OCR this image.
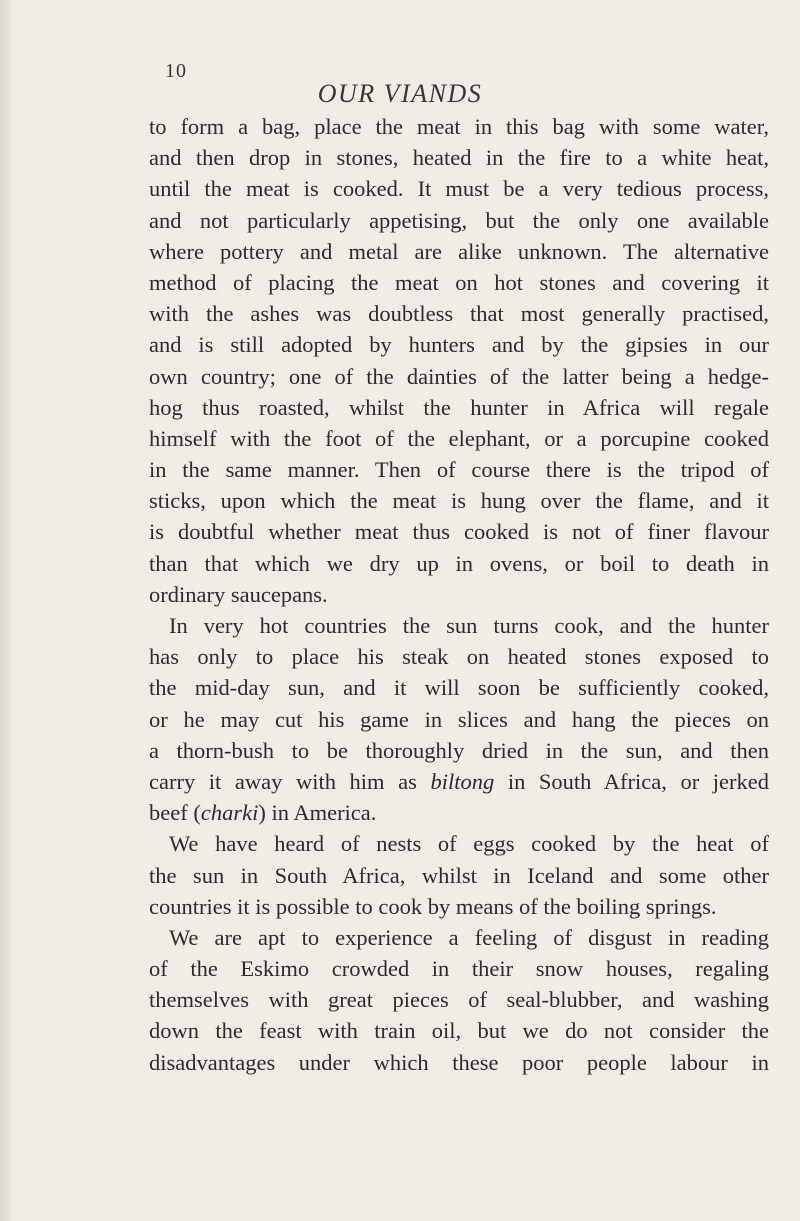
10
OUR VIANDS
to form a bag, place the meat in this bag with some water,
and then drop in stones, heated in the fire to a white heat,
until the meat is cooked. It must be a very tedious process,
and not particularly appetising, but the only one available
where pottery and metal are alike unknown. The alternative
method of placing the meat on hot stones and covering it
with the ashes was doubtless that most generally practised,
and is still adopted by hunters and by the gipsies in our
own country; one of the dainties of the latter being a hedge-
hog thus roasted, whilst the hunter in Africa will regale
himself with the foot of the elephant, or a porcupine cooked
in the same manner. Then of course there is the tripod of
sticks, upon which the meat is hung over the flame, and it
is doubtful whether meat thus cooked is not of finer flavour
than that which we dry up in ovens, or boil to death in
ordinary saucepans.
In very hot countries the sun turns cook, and the hunter
has only to place his steak on heated stones exposed to
the mid-day sun, and it will soon be sufficiently cooked,
or he may cut his game in slices and hang the pieces on
a thorn-bush to be thoroughly dried in the sun, and then
carry it away with him as biltong in South Africa, or jerked
beef (charki) in America.
We have heard of nests of eggs cooked by the heat of
the sun in South Africa, whilst in Iceland and some other
countries it is possible to cook by means of the boiling springs.
We are apt to experience a feeling of disgust in reading
of the Eskimo crowded in their snow houses, regaling
themselves with great pieces of seal-blubber, and washing
down the feast with train oil, but we do not consider the
disadvantages under which these poor people labour in
